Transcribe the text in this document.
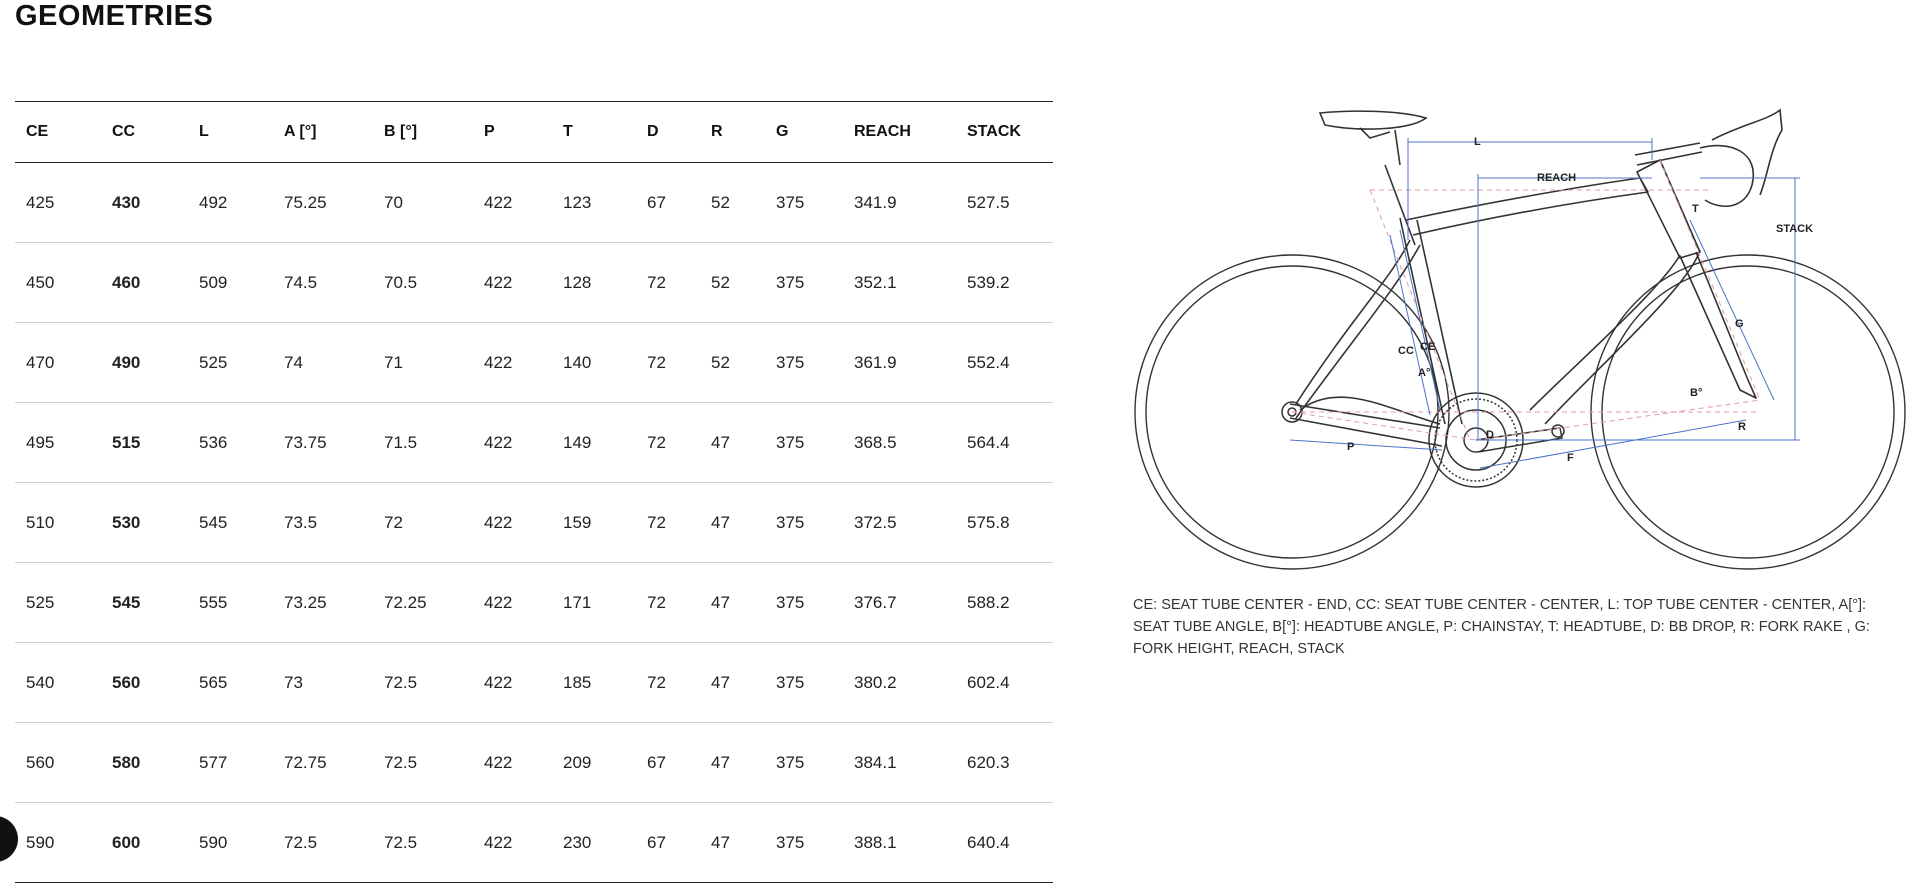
GEOMETRIES
CE	CC	L	A [°]	B [°]	P	T	D	R	G	REACH	STACK
425	430	492	75.25	70	422	123	67	52	375	341.9	527.5
450	460	509	74.5	70.5	422	128	72	52	375	352.1	539.2
470	490	525	74	71	422	140	72	52	375	361.9	552.4
495	515	536	73.75	71.5	422	149	72	47	375	368.5	564.4
510	530	545	73.5	72	422	159	72	47	375	372.5	575.8
525	545	555	73.25	72.25	422	171	72	47	375	376.7	588.2
540	560	565	73	72.5	422	185	72	47	375	380.2	602.4
560	580	577	72.75	72.5	422	209	67	47	375	384.1	620.3
590	600	590	72.5	72.5	422	230	67	47	375	388.1	640.4
L
REACH
STACK
T
G
CC CE
A°
B°
D
R
P
F

CE: SEAT TUBE CENTER - END, CC: SEAT TUBE CENTER - CENTER, L: TOP TUBE CENTER - CENTER, A[°]: SEAT TUBE ANGLE, B[°]: HEADTUBE ANGLE, P: CHAINSTAY, T: HEADTUBE, D: BB DROP, R: FORK RAKE , G: FORK HEIGHT, REACH, STACK
